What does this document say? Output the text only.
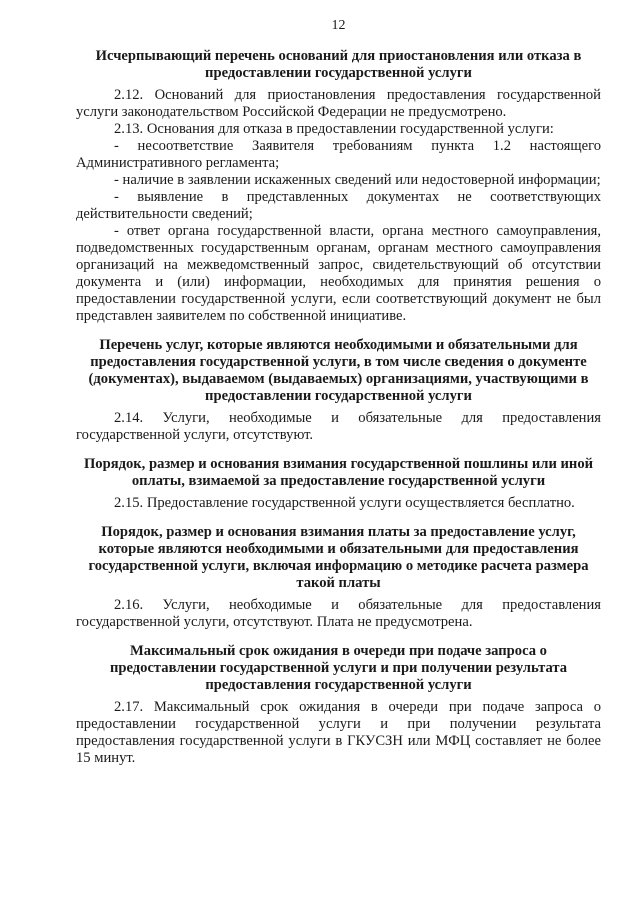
12
Исчерпывающий перечень оснований для приостановления или отказа в предоставлении государственной услуги

2.12. Оснований для приостановления предоставления государственной услуги законодательством Российской Федерации не предусмотрено.

2.13. Основания для отказа в предоставлении государственной услуги:

- несоответствие Заявителя требованиям пункта 1.2 настоящего Административного регламента;

- наличие в заявлении искаженных сведений или недостоверной информации;

- выявление в представленных документах не соответствующих действительности сведений;

- ответ органа государственной власти, органа местного самоуправления, подведомственных государственным органам, органам местного самоуправления организаций на межведомственный запрос, свидетельствующий об отсутствии документа и (или) информации, необходимых для принятия решения о предоставлении государственной услуги, если соответствующий документ не был представлен заявителем по собственной инициативе.

Перечень услуг, которые являются необходимыми и обязательными для предоставления государственной услуги, в том числе сведения о документе (документах), выдаваемом (выдаваемых) организациями, участвующими в предоставлении государственной услуги

2.14. Услуги, необходимые и обязательные для предоставления государственной услуги, отсутствуют.

Порядок, размер и основания взимания государственной пошлины или иной оплаты, взимаемой за предоставление государственной услуги

2.15. Предоставление государственной услуги осуществляется бесплатно.

Порядок, размер и основания взимания платы за предоставление услуг, которые являются необходимыми и обязательными для предоставления государственной услуги, включая информацию о методике расчета размера такой платы

2.16. Услуги, необходимые и обязательные для предоставления государственной услуги, отсутствуют. Плата не предусмотрена.

Максимальный срок ожидания в очереди при подаче запроса о предоставлении государственной услуги и при получении результата предоставления государственной услуги

2.17. Максимальный срок ожидания в очереди при подаче запроса о предоставлении государственной услуги и при получении результата предоставления государственной услуги в ГКУСЗН или МФЦ составляет не более 15 минут.
